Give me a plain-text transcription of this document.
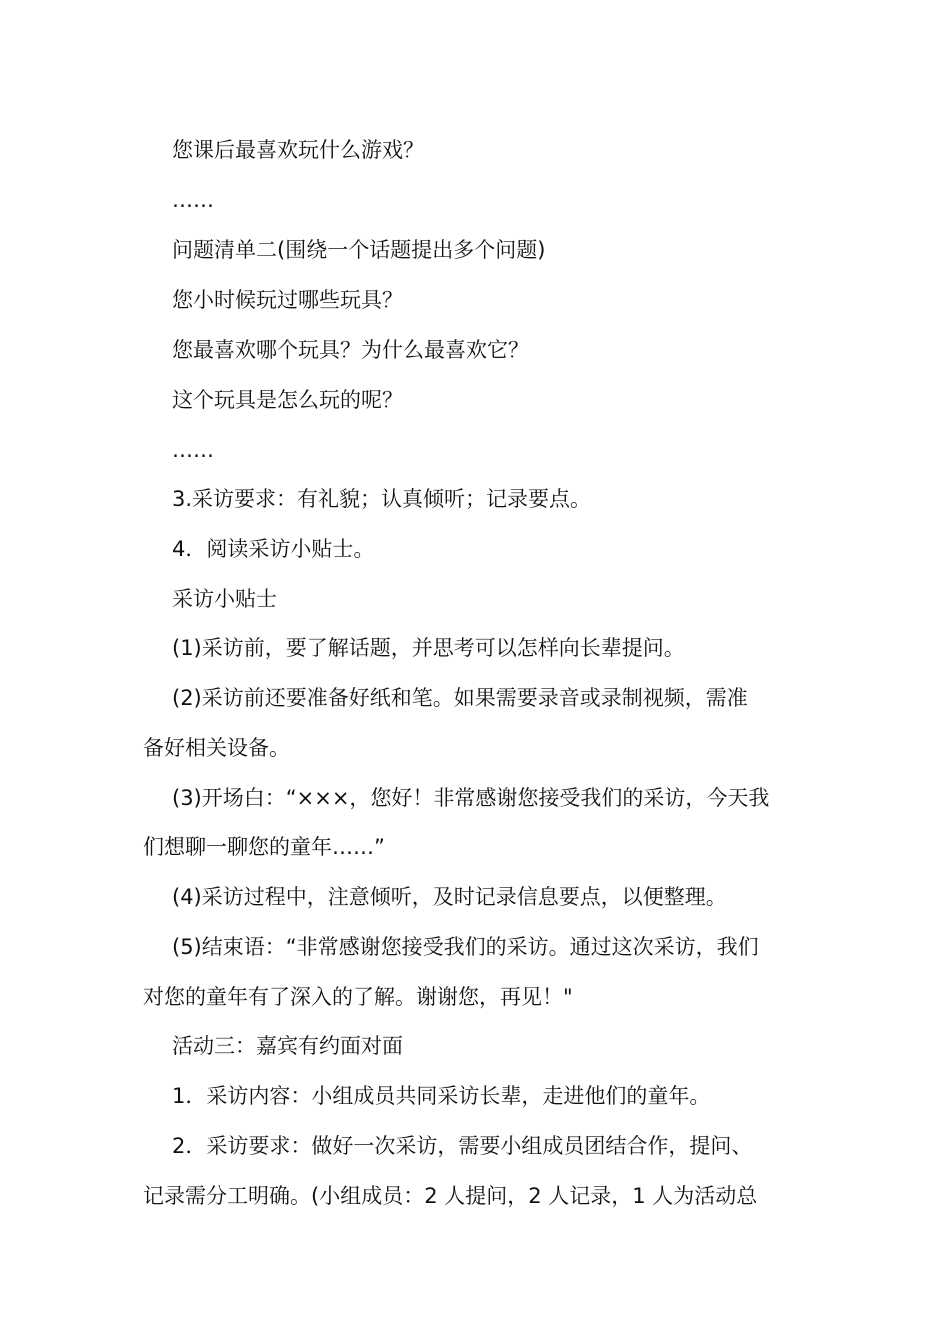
您课后最喜欢玩什么游戏？
……
问题清单二(围绕一个话题提出多个问题)
您小时候玩过哪些玩具？
您最喜欢哪个玩具？为什么最喜欢它？
这个玩具是怎么玩的呢？
……
3.采访要求：有礼貌；认真倾听；记录要点。
4．阅读采访小贴士。
采访小贴士
(1)采访前，要了解话题，并思考可以怎样向长辈提问。
(2)采访前还要准备好纸和笔。如果需要录音或录制视频，需准
备好相关设备。
(3)开场白：“×××，您好！非常感谢您接受我们的采访，今天我
们想聊一聊您的童年……”
(4)采访过程中，注意倾听，及时记录信息要点，以便整理。
(5)结束语：“非常感谢您接受我们的采访。通过这次采访，我们
对您的童年有了深入的了解。谢谢您，再见！"
活动三：嘉宾有约面对面
1．采访内容：小组成员共同采访长辈，走进他们的童年。
2．采访要求：做好一次采访，需要小组成员团结合作，提问、
记录需分工明确。(小组成员：2 人提问，2 人记录，1 人为活动总
